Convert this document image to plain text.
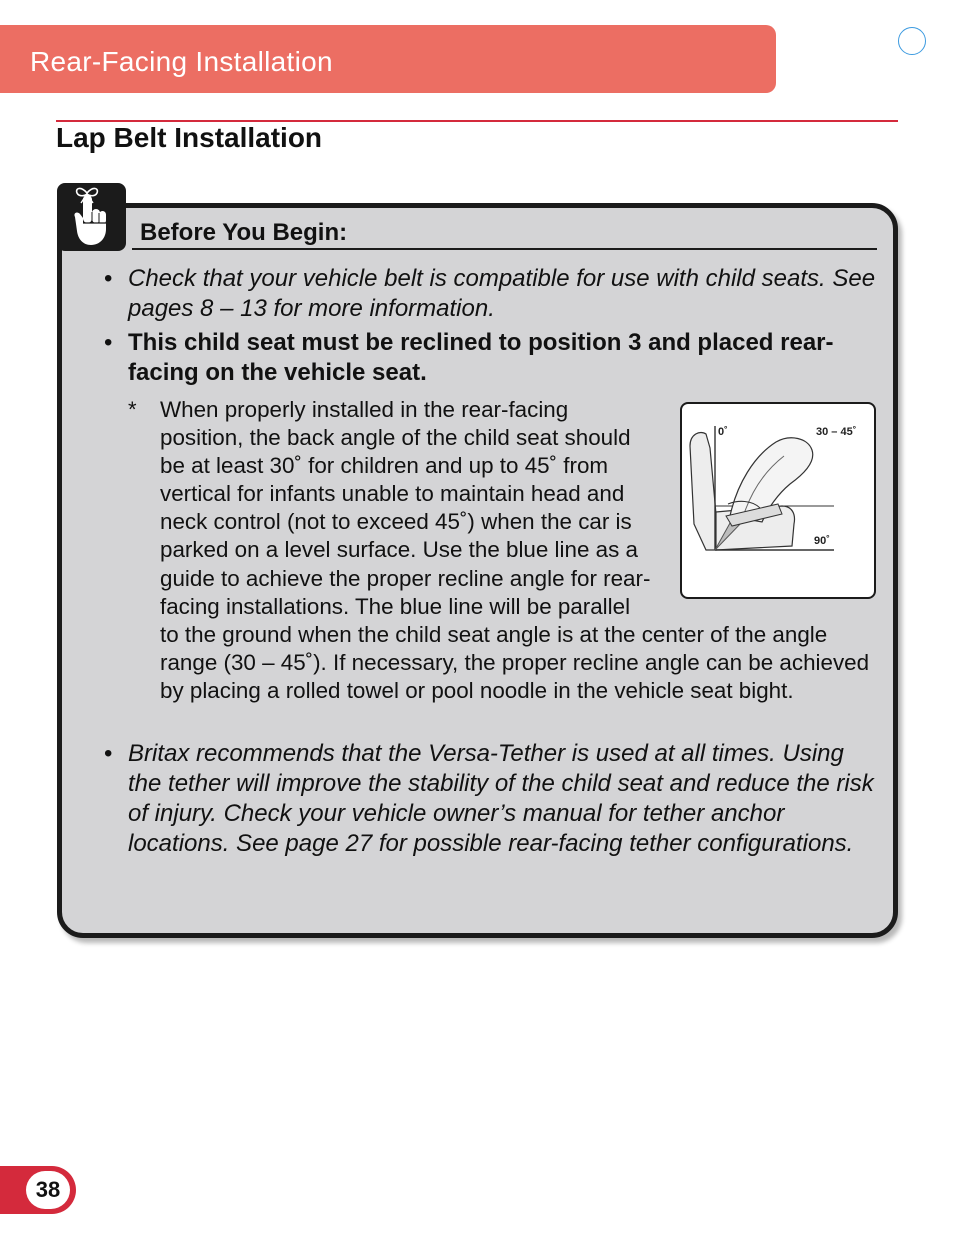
Rear-Facing Installation
Lap Belt Installation
Before You Begin:
• Check that your vehicle belt is compatible for use with child seats. See pages 8 – 13 for more information.

• This child seat must be reclined to position 3 and placed rear-facing on the vehicle seat.

* When properly installed in the rear-facing position, the back angle of the child seat should be at least 30˚ for children and up to 45˚ from vertical for infants unable to maintain head and neck control (not to exceed 45˚) when the car is parked on a level surface. Use the blue line as a guide to achieve the proper recline angle for rear-facing installations. The blue line will be parallel to the ground when the child seat angle is at the center of the angle range (30 – 45˚). If necessary, the proper recline angle can be achieved by placing a rolled towel or pool noodle in the vehicle seat bight.

0˚	30 – 45˚
90˚
• Britax recommends that the Versa-Tether is used at all times. Using the tether will improve the stability of the child seat and reduce the risk of injury. Check your vehicle owner’s manual for tether anchor locations. See page 27 for possible rear-facing tether configurations.

38
